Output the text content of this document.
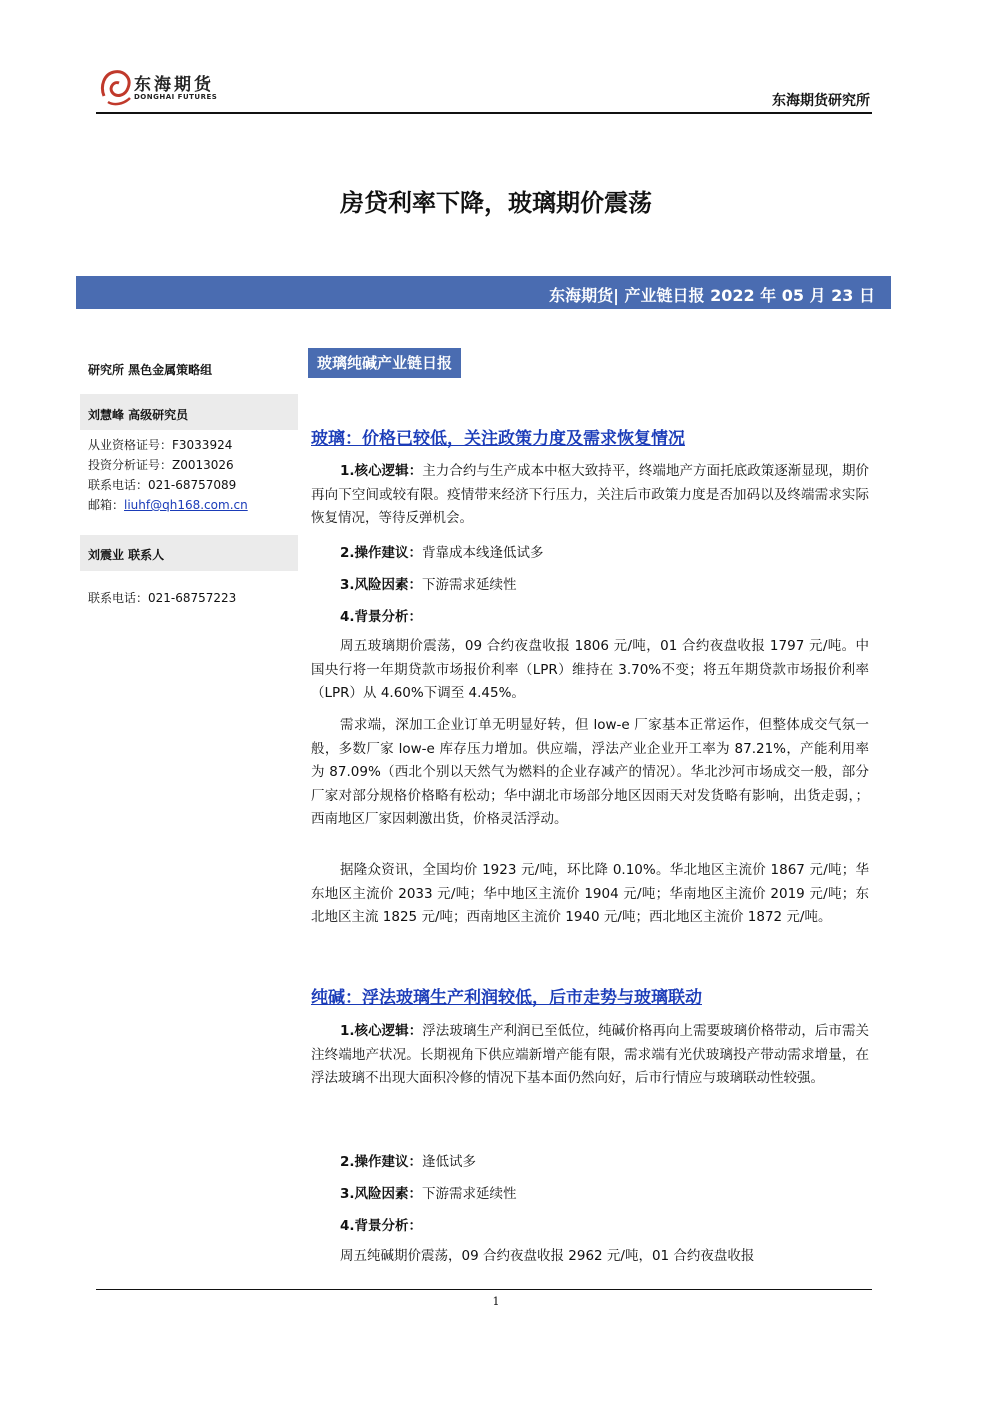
东海期货
DONGHAI FUTURES	东海期货研究所
房贷利率下降，玻璃期价震荡
东海期货| 产业链日报 2022 年 05 月 23 日
研究所 黑色金属策略组
刘慧峰 高级研究员
从业资格证号：F3033924
投资分析证号：Z0013026
联系电话：021-68757089
邮箱：liuhf@qh168.com.cn
刘震业 联系人
联系电话：021-68757223
玻璃纯碱产业链日报
玻璃：价格已较低，关注政策力度及需求恢复情况
1.核心逻辑：主力合约与生产成本中枢大致持平，终端地产方面托底政策逐渐显现，期价再向下空间或较有限。疫情带来经济下行压力，关注后市政策力度是否加码以及终端需求实际恢复情况，等待反弹机会。
2.操作建议：背靠成本线逢低试多
3.风险因素：下游需求延续性
4.背景分析：
周五玻璃期价震荡，09 合约夜盘收报 1806 元/吨，01 合约夜盘收报 1797 元/吨。中国央行将一年期贷款市场报价利率（LPR）维持在 3.70%不变；将五年期贷款市场报价利率（LPR）从 4.60%下调至 4.45%。
需求端，深加工企业订单无明显好转，但 low-e 厂家基本正常运作，但整体成交气氛一般，多数厂家 low-e 库存压力增加。供应端，浮法产业企业开工率为 87.21%，产能利用率为 87.09%（西北个别以天然气为燃料的企业存减产的情况）。华北沙河市场成交一般，部分厂家对部分规格价格略有松动；华中湖北市场部分地区因雨天对发货略有影响，出货走弱，；西南地区厂家因刺激出货，价格灵活浮动。
据隆众资讯，全国均价 1923 元/吨，环比降 0.10%。华北地区主流价 1867 元/吨；华东地区主流价 2033 元/吨；华中地区主流价 1904 元/吨；华南地区主流价 2019 元/吨；东北地区主流 1825 元/吨；西南地区主流价 1940 元/吨；西北地区主流价 1872 元/吨。
纯碱：浮法玻璃生产利润较低，后市走势与玻璃联动
1.核心逻辑：浮法玻璃生产利润已至低位，纯碱价格再向上需要玻璃价格带动，后市需关注终端地产状况。长期视角下供应端新增产能有限，需求端有光伏玻璃投产带动需求增量，在浮法玻璃不出现大面积冷修的情况下基本面仍然向好，后市行情应与玻璃联动性较强。
2.操作建议：逢低试多
3.风险因素：下游需求延续性
4.背景分析：
周五纯碱期价震荡，09 合约夜盘收报 2962 元/吨，01 合约夜盘收报
1
